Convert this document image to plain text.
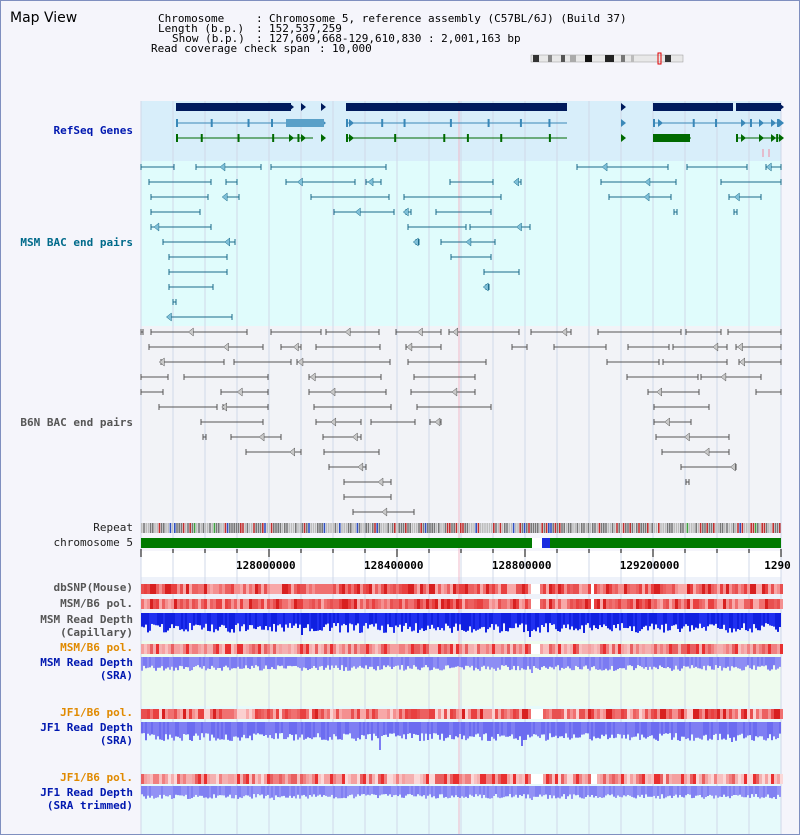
128000000	128400000	128800000	129200000	1290
Map View	Chromosome	: Chromosome 5, reference assembly (C57BL/6J) (Build 37)
Length (b.p.) : 152,537,259
Show (b.p.) : 127,609,668-129,610,830 : 2,001,163 bp
Read coverage check span : 10,000
RefSeq Genes
MSM BAC end pairs
B6N BAC end pairs
Repeat
chromosome 5
dbSNP(Mouse)
MSM/B6 pol.
MSM Read Depth
(Capillary)
MSM/B6 pol.
MSM Read Depth
(SRA)
JF1/B6 pol.
JF1 Read Depth
(SRA)
JF1/B6 pol.
JF1 Read Depth
(SRA trimmed)
